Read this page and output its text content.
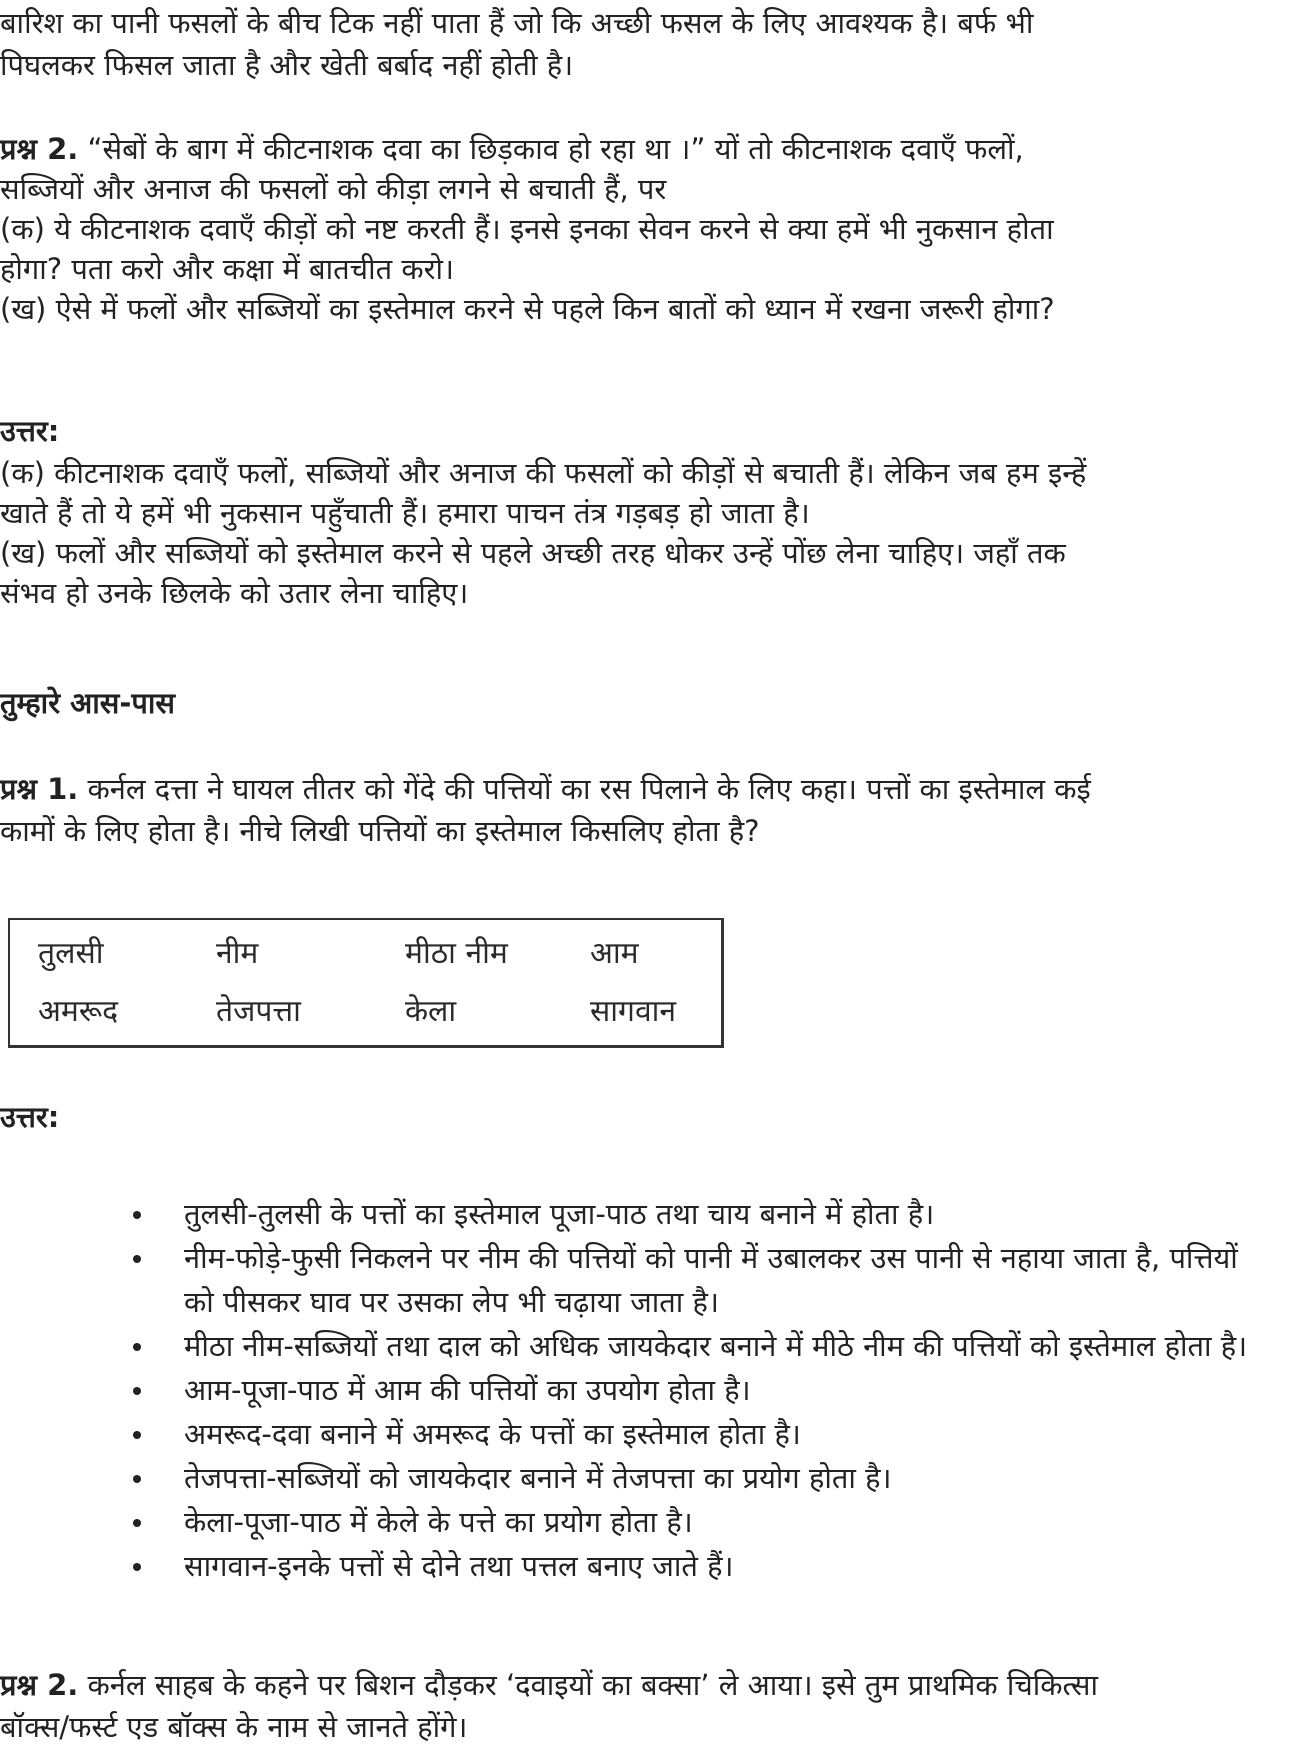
बारिश का पानी फसलों के बीच टिक नहीं पाता हैं जो कि अच्छी फसल के लिए आवश्यक है। बर्फ भी

पिघलकर फिसल जाता है और खेती बर्बाद नहीं होती है।

प्रश्न 2. “सेबों के बाग में कीटनाशक दवा का छिड़काव हो रहा था ।” यों तो कीटनाशक दवाएँ फलों,

सब्जियों और अनाज की फसलों को कीड़ा लगने से बचाती हैं, पर

(क) ये कीटनाशक दवाएँ कीड़ों को नष्ट करती हैं। इनसे इनका सेवन करने से क्या हमें भी नुकसान होता

होगा? पता करो और कक्षा में बातचीत करो।

(ख) ऐसे में फलों और सब्जियों का इस्तेमाल करने से पहले किन बातों को ध्यान में रखना जरूरी होगा?

उत्तर:

(क) कीटनाशक दवाएँ फलों, सब्जियों और अनाज की फसलों को कीड़ों से बचाती हैं। लेकिन जब हम इन्हें

खाते हैं तो ये हमें भी नुकसान पहुँचाती हैं। हमारा पाचन तंत्र गड़बड़ हो जाता है।

(ख) फलों और सब्जियों को इस्तेमाल करने से पहले अच्छी तरह धोकर उन्हें पोंछ लेना चाहिए। जहाँ तक

संभव हो उनके छिलके को उतार लेना चाहिए।

तुम्हारे आस-पास

प्रश्न 1. कर्नल दत्ता ने घायल तीतर को गेंदे की पत्तियों का रस पिलाने के लिए कहा। पत्तों का इस्तेमाल कई

कामों के लिए होता है। नीचे लिखी पत्तियों का इस्तेमाल किसलिए होता है?

तुलसी	नीम	मीठा नीम	आम
अमरूद	तेजपत्ता	केला	सागवान

उत्तर:

तुलसी-तुलसी के पत्तों का इस्तेमाल पूजा-पाठ तथा चाय बनाने में होता है।
नीम-फोड़े-फुसी निकलने पर नीम की पत्तियों को पानी में उबालकर उस पानी से नहाया जाता है, पत्तियों को पीसकर घाव पर उसका लेप भी चढ़ाया जाता है।
मीठा नीम-सब्जियों तथा दाल को अधिक जायकेदार बनाने में मीठे नीम की पत्तियों को इस्तेमाल होता है।
आम-पूजा-पाठ में आम की पत्तियों का उपयोग होता है।
अमरूद-दवा बनाने में अमरूद के पत्तों का इस्तेमाल होता है।
तेजपत्ता-सब्जियों को जायकेदार बनाने में तेजपत्ता का प्रयोग होता है।
केला-पूजा-पाठ में केले के पत्ते का प्रयोग होता है।
सागवान-इनके पत्तों से दोने तथा पत्तल बनाए जाते हैं।

प्रश्न 2. कर्नल साहब के कहने पर बिशन दौड़कर ‘दवाइयों का बक्सा’ ले आया। इसे तुम प्राथमिक चिकित्सा

बॉक्स/फर्स्ट एड बॉक्स के नाम से जानते होंगे।
